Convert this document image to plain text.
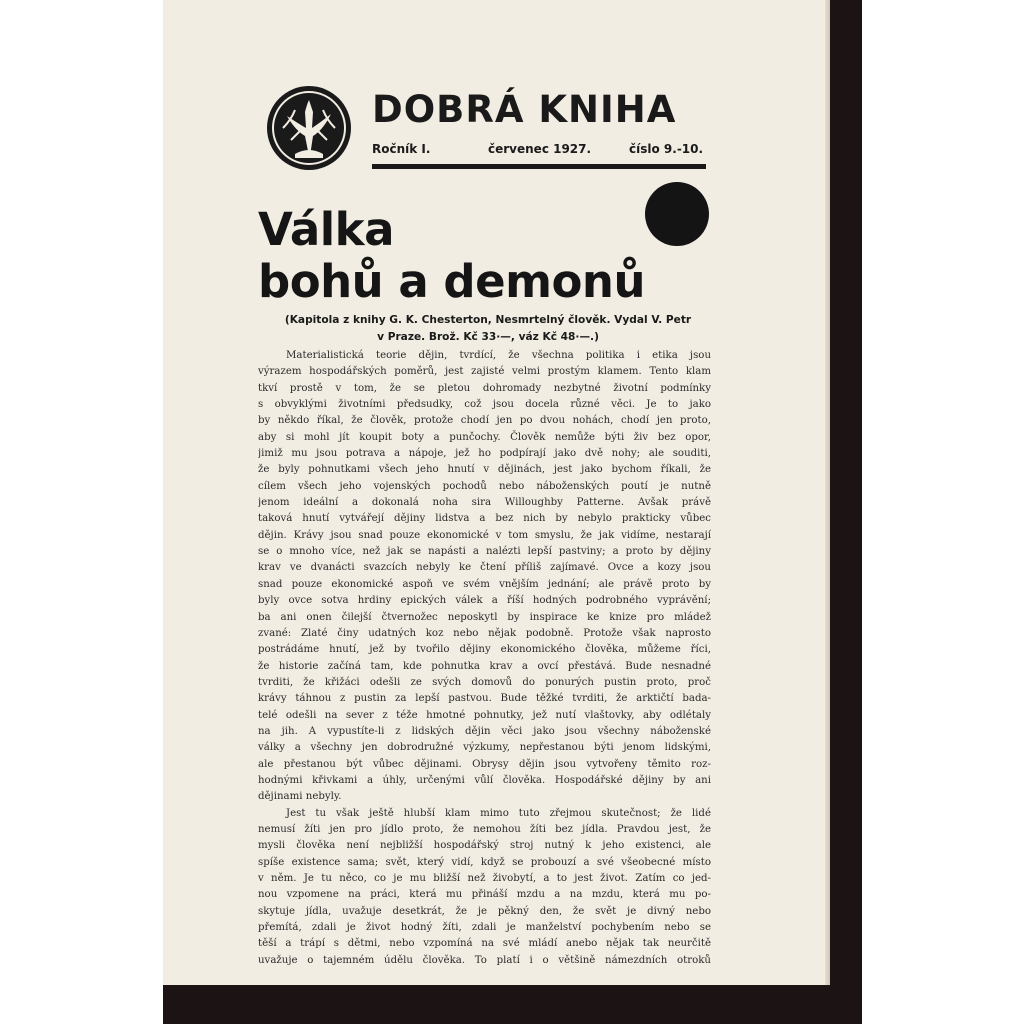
DOBRÁ KNIHA
Ročník I.	červenec 1927.	číslo 9.-10.
Válka
bohů a demonů
(Kapitola z knihy G. K. Chesterton, Nesmrtelný člověk. Vydal V. Petr
v Praze. Brož. Kč 33·—, váz Kč 48·—.)
Materialistická teorie dějin, tvrdící, že všechna politika i etika jsou
výrazem hospodářských poměrů, jest zajisté velmi prostým klamem. Tento klam
tkví prostě v tom, že se pletou dohromady nezbytné životní podmínky
s obvyklými životními předsudky, což jsou docela různé věci. Je to jako
by někdo říkal, že člověk, protože chodí jen po dvou nohách, chodí jen proto,
aby si mohl jít koupit boty a punčochy. Člověk nemůže býti živ bez opor,
jimiž mu jsou potrava a nápoje, jež ho podpírají jako dvě nohy; ale souditi,
že byly pohnutkami všech jeho hnutí v dějinách, jest jako bychom říkali, že
cílem všech jeho vojenských pochodů nebo náboženských poutí je nutně
jenom ideální a dokonalá noha sira Willoughby Patterne. Avšak právě
taková hnutí vytvářejí dějiny lidstva a bez nich by nebylo prakticky vůbec
dějin. Krávy jsou snad pouze ekonomické v tom smyslu, že jak vidíme, nestarají
se o mnoho více, než jak se napásti a nalézti lepší pastviny; a proto by dějiny
krav ve dvanácti svazcích nebyly ke čtení příliš zajímavé. Ovce a kozy jsou
snad pouze ekonomické aspoň ve svém vnějším jednání; ale právě proto by
byly ovce sotva hrdiny epických válek a říší hodných podrobného vyprávění;
ba ani onen čilejší čtvernožec neposkytl by inspirace ke knize pro mládež
zvané: Zlaté činy udatných koz nebo nějak podobně. Protože však naprosto
postrádáme hnutí, jež by tvořilo dějiny ekonomického člověka, můžeme říci,
že historie začíná tam, kde pohnutka krav a ovcí přestává. Bude nesnadné
tvrditi, že křižáci odešli ze svých domovů do ponurých pustin proto, proč
krávy táhnou z pustin za lepší pastvou. Bude těžké tvrditi, že arktičtí bada-
telé odešli na sever z téže hmotné pohnutky, jež nutí vlaštovky, aby odlétaly
na jih. A vypustíte-li z lidských dějin věci jako jsou všechny náboženské
války a všechny jen dobrodružné výzkumy, nepřestanou býti jenom lidskými,
ale přestanou být vůbec dějinami. Obrysy dějin jsou vytvořeny těmito roz-
hodnými křivkami a úhly, určenými vůlí člověka. Hospodářské dějiny by ani
dějinami nebyly.
Jest tu však ještě hlubší klam mimo tuto zřejmou skutečnost; že lidé
nemusí žíti jen pro jídlo proto, že nemohou žíti bez jídla. Pravdou jest, že
mysli člověka není nejbližší hospodářský stroj nutný k jeho existenci, ale
spíše existence sama; svět, který vidí, když se probouzí a své všeobecné místo
v něm. Je tu něco, co je mu bližší než živobytí, a to jest život. Zatím co jed-
nou vzpomene na práci, která mu přináší mzdu a na mzdu, která mu po-
skytuje jídla, uvažuje desetkrát, že je pěkný den, že svět je divný nebo
přemítá, zdali je život hodný žíti, zdali je manželství pochybením nebo se
těší a trápí s dětmi, nebo vzpomíná na své mládí anebo nějak tak neurčitě
uvažuje o tajemném údělu člověka. To platí i o většině námezdních otroků
